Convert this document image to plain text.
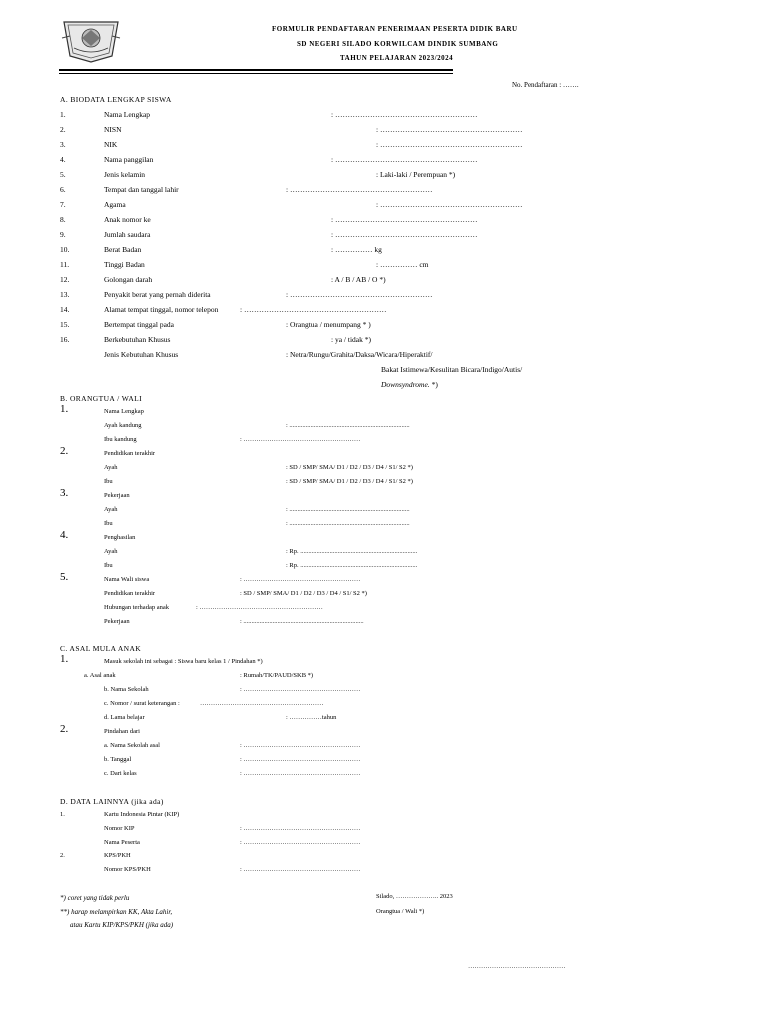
FORMULIR PENDAFTARAN PENERIMAAN PESERTA DIDIK BARU
SD NEGERI SILADO KORWILCAM DINDIK SUMBANG
TAHUN PELAJARAN 2023/2024
No. Pendaftaran : …….
A. BIODATA LENGKAP SISWA
1.	Nama Lengkap	: …………………………………………………
2.	NISN	: …………………………………………………
3.	NIK	: …………………………………………………
4.	Nama panggilan	: …………………………………………………
5.	Jenis kelamin	: Laki-laki / Perempuan *)
6.	Tempat dan tanggal lahir	: …………………………………………………
7.	Agama	: …………………………………………………
8.	Anak nomor ke	: …………………………………………………
9.	Jumlah saudara	: …………………………………………………
10.	Berat Badan	: …………… kg
11.	Tinggi Badan	: …………… cm
12.	Golongan darah	: A / B / AB / O *)
13.	Penyakit berat yang pernah diderita	: …………………………………………………
14.	Alamat tempat tinggal, nomor telepon	: …………………………………………………
15.	Bertempat tinggal pada	: Orangtua / menumpang * )
16.	Berkebutuhan Khusus	: ya / tidak *)
Jenis Kebutuhan Khusus	: Netra/Rungu/Grahita/Daksa/Wicara/Hiperaktif/
Bakat Istimewa/Kesulitan Bicara/Indigo/Autis/
Downsyndrome. *)
B. ORANGTUA / WALI
1.	Nama Lengkap
Ayah kandung	: ..........................................................................
Ibu kandung	: ………………………………………………
2.	Pendidikan terakhir
Ayah	: SD / SMP/ SMA/ D1 / D2 / D3 / D4 / S1/ S2 *)
Ibu	: SD / SMP/ SMA/ D1 / D2 / D3 / D4 / S1/ S2 *)
3.	Pekerjaan
Ayah	: ..........................................................................
Ibu	: ..........................................................................
4.	Penghasilan
Ayah	: Rp. ........................................................................
Ibu	: Rp. ........................................................................
5.	Nama Wali siswa	: ………………………………………………
Pendidikan terakhir	: SD / SMP/ SMA/ D1 / D2 / D3 / D4 / S1/ S2 *)
Hubungan terhadap anak	: …………………………………………………
Pekerjaan	: ..........................................................................
C. ASAL MULA ANAK
1.	Masuk sekolah ini sebagai : Siswa baru kelas 1 / Pindahan *)
a. Asal anak	: Rumah/TK/PAUD/SKB *)
b. Nama Sekolah	: ………………………………………………
c. Nomor / surat keterangan :	…………………………………………………
d. Lama belajar	: ……………tahun
2.	Pindahan dari
a. Nama Sekolah asal	: ………………………………………………
b. Tanggal	: ………………………………………………
c. Dari kelas	: ………………………………………………
D. DATA LAINNYA (jika ada)
1.	Kartu Indonesia Pintar (KIP)
Nomor KIP	: ………………………………………………
Nama Peserta	: ………………………………………………
2.	KPS/PKH
Nomor KPS/PKH	: ………………………………………………
*) coret yang tidak perlu
**) harap melampirkan KK, Akta Lahir,
atau Kartu KIP/KPS/PKH (jika ada)
Silado, ……………….. 2023
Orangtua / Wali *)
………………………………………
